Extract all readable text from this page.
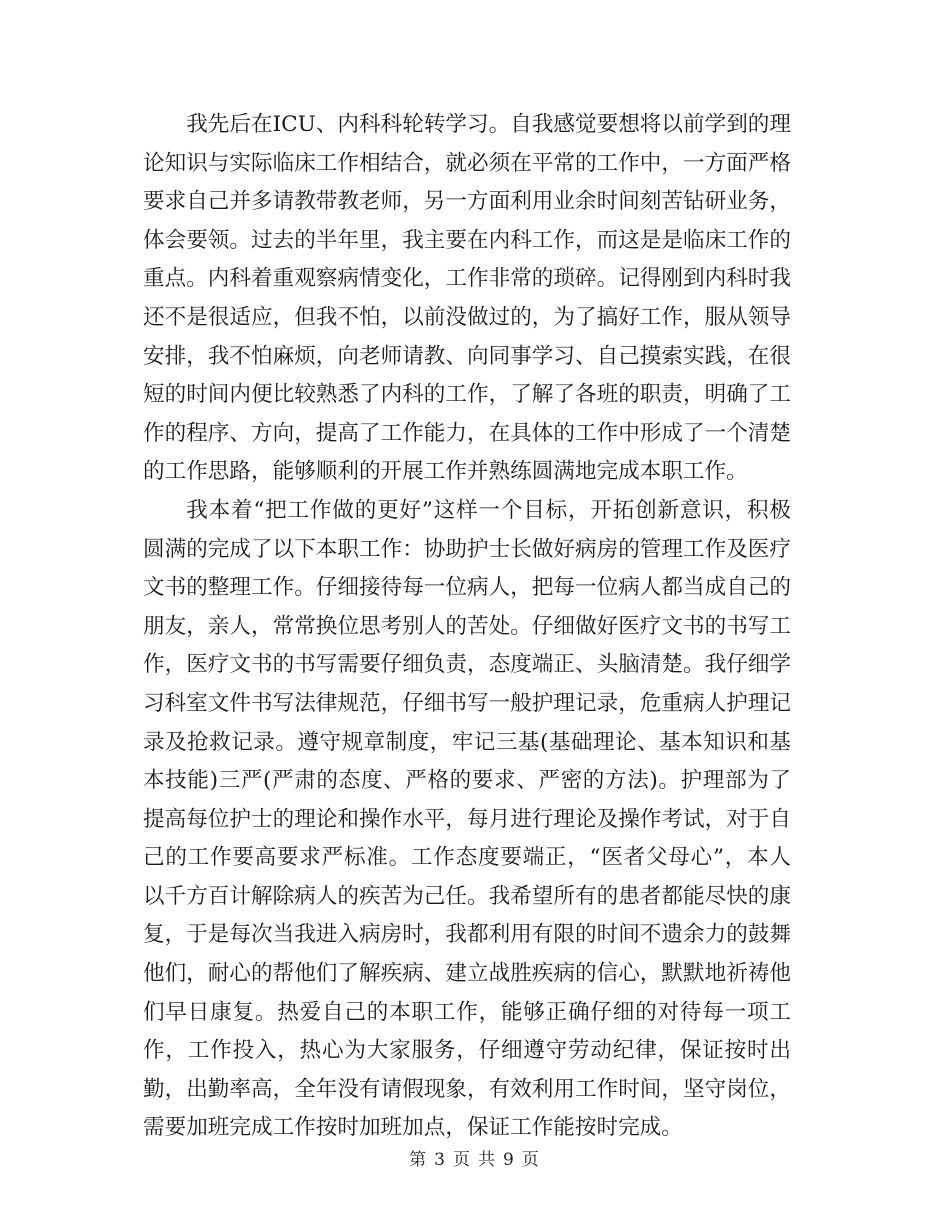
我先后在ICU、内科科轮转学习。自我感觉要想将以前学到的理论知识与实际临床工作相结合，就必须在平常的工作中，一方面严格要求自己并多请教带教老师，另一方面利用业余时间刻苦钻研业务，体会要领。过去的半年里，我主要在内科工作，而这是是临床工作的重点。内科着重观察病情变化，工作非常的琐碎。记得刚到内科时我还不是很适应，但我不怕，以前没做过的，为了搞好工作，服从领导安排，我不怕麻烦，向老师请教、向同事学习、自己摸索实践，在很短的时间内便比较熟悉了内科的工作，了解了各班的职责，明确了工作的程序、方向，提高了工作能力，在具体的工作中形成了一个清楚的工作思路，能够顺利的开展工作并熟练圆满地完成本职工作。

我本着“把工作做的更好”这样一个目标，开拓创新意识，积极圆满的完成了以下本职工作：协助护士长做好病房的管理工作及医疗文书的整理工作。仔细接待每一位病人，把每一位病人都当成自己的朋友，亲人，常常换位思考别人的苦处。仔细做好医疗文书的书写工作，医疗文书的书写需要仔细负责，态度端正、头脑清楚。我仔细学习科室文件书写法律规范，仔细书写一般护理记录，危重病人护理记录及抢救记录。遵守规章制度，牢记三基(基础理论、基本知识和基本技能)三严(严肃的态度、严格的要求、严密的方法)。护理部为了提高每位护士的理论和操作水平，每月进行理论及操作考试，对于自己的工作要高要求严标准。工作态度要端正，“医者父母心”，本人以千方百计解除病人的疾苦为己任。我希望所有的患者都能尽快的康复，于是每次当我进入病房时，我都利用有限的时间不遗余力的鼓舞他们，耐心的帮他们了解疾病、建立战胜疾病的信心，默默地祈祷他们早日康复。热爱自己的本职工作，能够正确仔细的对待每一项工作，工作投入，热心为大家服务，仔细遵守劳动纪律，保证按时出勤，出勤率高，全年没有请假现象，有效利用工作时间，坚守岗位，需要加班完成工作按时加班加点，保证工作能按时完成。

第 3 页 共 9 页
